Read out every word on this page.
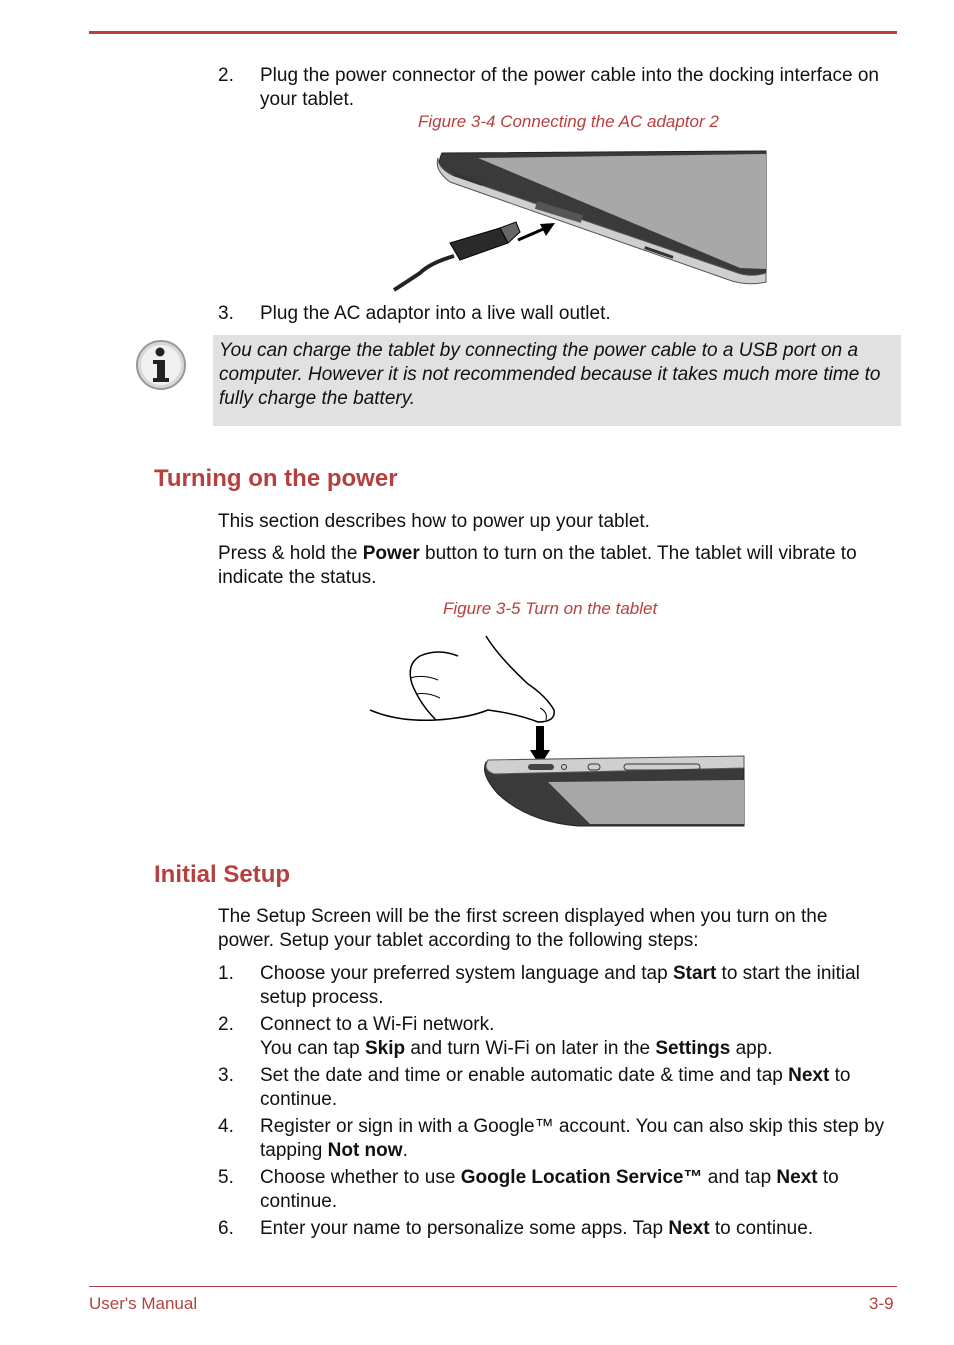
2. Plug the power connector of the power cable into the docking interface on your tablet.
Figure 3-4 Connecting the AC adaptor 2
3. Plug the AC adaptor into a live wall outlet.
You can charge the tablet by connecting the power cable to a USB port on a computer. However it is not recommended because it takes much more time to fully charge the battery.
Turning on the power
This section describes how to power up your tablet.
Press & hold the Power button to turn on the tablet. The tablet will vibrate to indicate the status.
Figure 3-5 Turn on the tablet
Initial Setup
The Setup Screen will be the first screen displayed when you turn on the power. Setup your tablet according to the following steps:
1. Choose your preferred system language and tap Start to start the initial setup process.
2. Connect to a Wi-Fi network.
You can tap Skip and turn Wi-Fi on later in the Settings app.
3. Set the date and time or enable automatic date & time and tap Next to continue.
4. Register or sign in with a Google™ account. You can also skip this step by tapping Not now.
5. Choose whether to use Google Location Service™ and tap Next to continue.
6. Enter your name to personalize some apps. Tap Next to continue.
User's Manual	3-9
